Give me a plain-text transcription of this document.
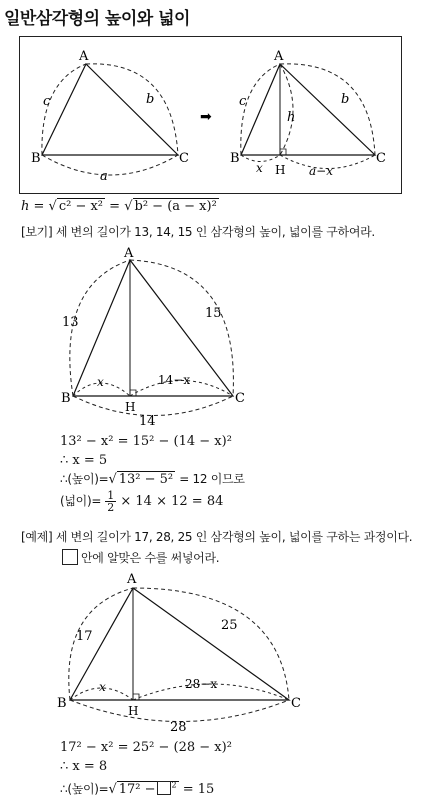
일반삼각형의 높이와 넓이
A
B	C
c	b
a
➡
A
B	C
H
c	b
h
x	a−x
h = √ c² − x² = √ b² − (a − x)²
[보기] 세 변의 길이가 13, 14, 15 인 삼각형의 높이, 넓이를 구하여라.
A
B	C
H
13
15
14
x	14−x
13² − x² = 15² − (14 − x)²
∴ x = 5
∴(높이)=√ 13² − 5² = 12 이므로
(넓이)= $\frac{1}{2} \times 14 \times 12 = 84$
[예제] 세 변의 길이가 17, 28, 25 인 삼각형의 높이, 넓이를 구하는 과정이다.
안에 알맞은 수를 써넣어라.
A
B	C
H
17
25
28
x	28−x
17² − x² = 25² − (28 − x)²
∴ x = 8
∴(높이)=√ 17² − $^2$ = 15
